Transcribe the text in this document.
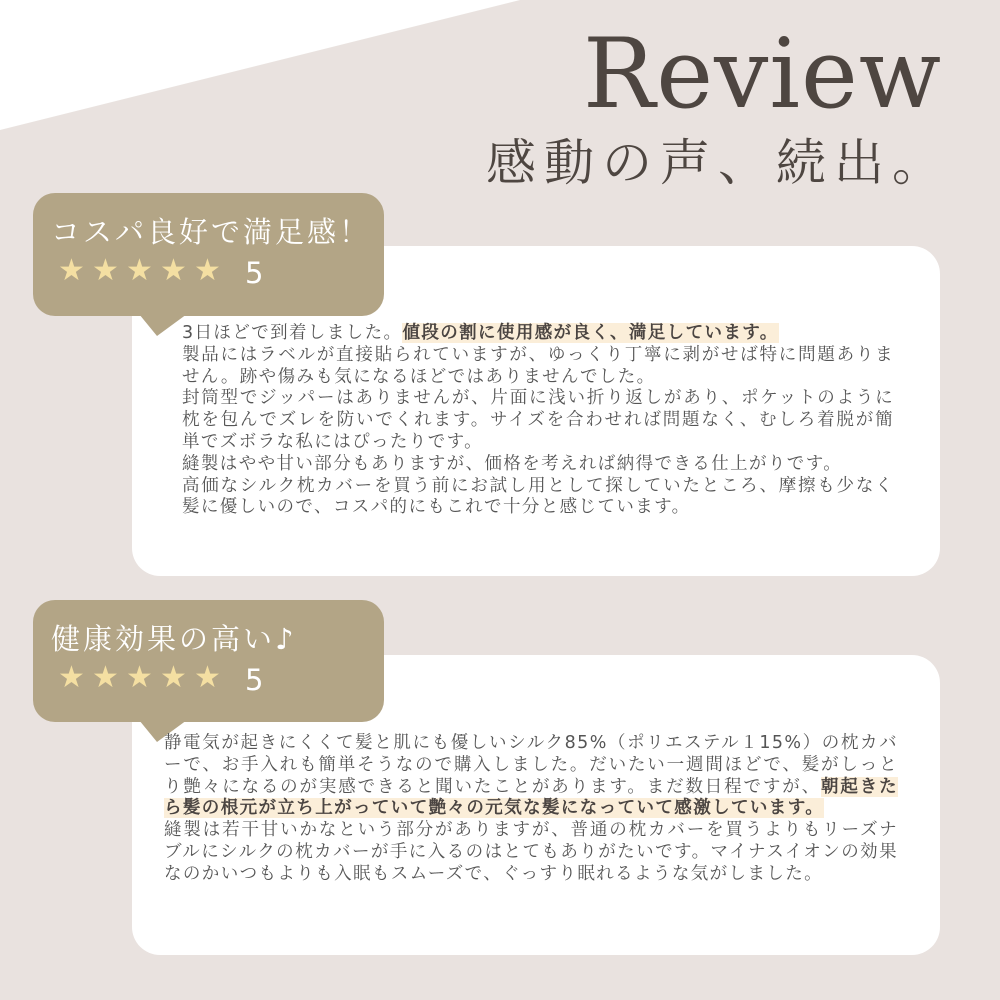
Review
感動の声、続出。
コスパ良好で満足感！
★ ★ ★ ★ ★ 5

3日ほどで到着しました。値段の割に使用感が良く、満足しています。

製品にはラベルが直接貼られていますが、ゆっくり丁寧に剥がせば特に問題ありません。跡や傷みも気になるほどではありませんでした。

封筒型でジッパーはありませんが、片面に浅い折り返しがあり、ポケットのように枕を包んでズレを防いでくれます。サイズを合わせれば問題なく、むしろ着脱が簡単でズボラな私にはぴったりです。

縫製はやや甘い部分もありますが、価格を考えれば納得できる仕上がりです。

高価なシルク枕カバーを買う前にお試し用として探していたところ、摩擦も少なく髪に優しいので、コスパ的にもこれで十分と感じています。

健康効果の高い♪
★ ★ ★ ★ ★ 5

静電気が起きにくくて髪と肌にも優しいシルク85%（ポリエステル１15%）の枕カバーで、お手入れも簡単そうなので購入しました。だいたい一週間ほどで、髪がしっとり艶々になるのが実感できると聞いたことがあります。まだ数日程ですが、朝起きたら髪の根元が立ち上がっていて艶々の元気な髪になっていて感激しています。

縫製は若干甘いかなという部分がありますが、普通の枕カバーを買うよりもリーズナブルにシルクの枕カバーが手に入るのはとてもありがたいです。マイナスイオンの効果なのかいつもよりも入眠もスムーズで、ぐっすり眠れるような気がしました。
